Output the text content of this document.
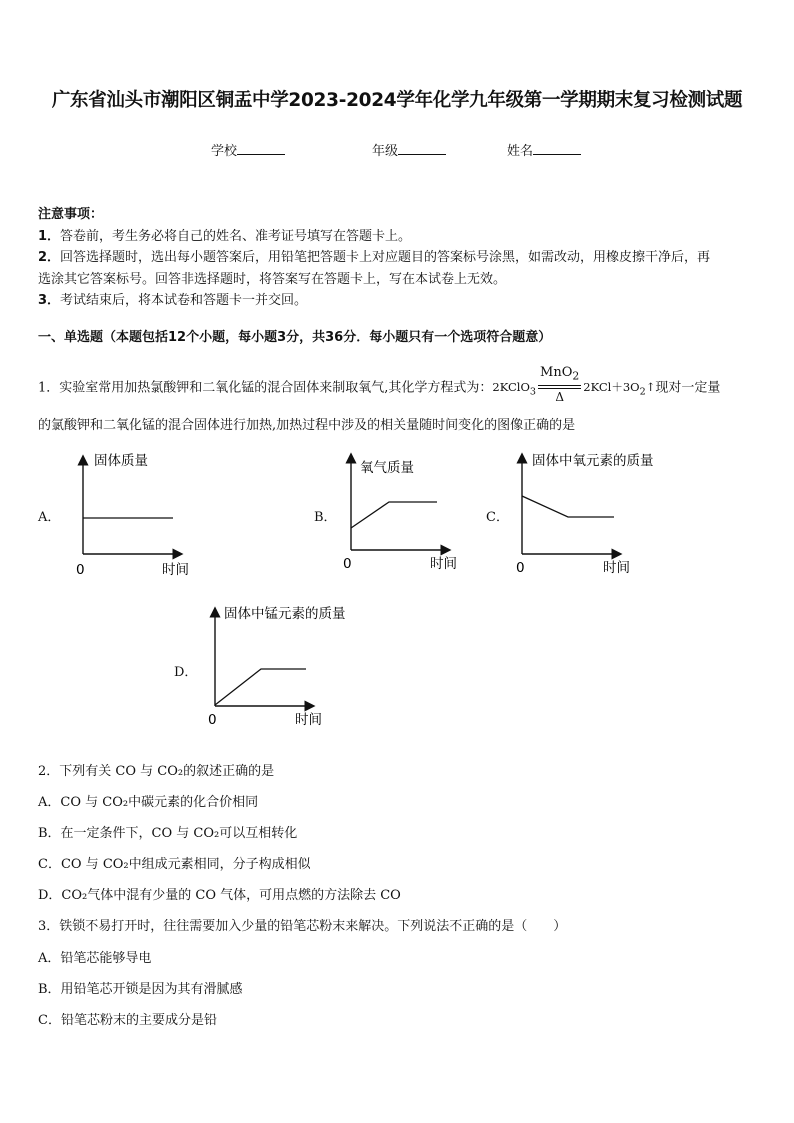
广东省汕头市潮阳区铜盂中学2023-2024学年化学九年级第一学期期末复习检测试题
学校	年级	姓名
注意事项：
1．答卷前，考生务必将自己的姓名、准考证号填写在答题卡上。
2．回答选择题时，选出每小题答案后，用铅笔把答题卡上对应题目的答案标号涂黑，如需改动，用橡皮擦干净后，再
选涂其它答案标号。回答非选择题时，将答案写在答题卡上，写在本试卷上无效。
3．考试结束后，将本试卷和答题卡一并交回。
一、单选题（本题包括12个小题，每小题3分，共36分．每小题只有一个选项符合题意）
1．实验室常用加热氯酸钾和二氧化锰的混合固体来制取氧气,其化学方程式为：2KClO$_3$ $\frac{MnO_2}{\Delta}$ $2KCl+3O_2↑$现对一定量
的氯酸钾和二氧化锰的混合固体进行加热,加热过程中涉及的相关量随时间变化的图像正确的是
A．
固体质量
0	时间
B．
氧气质量
0	时间
C．
固体中氧元素的质量
0	时间
D．
固体中锰元素的质量
0	时间
2．下列有关 CO 与 CO₂的叙述正确的是
A．CO 与 CO₂中碳元素的化合价相同
B．在一定条件下，CO 与 CO₂可以互相转化
C．CO 与 CO₂中组成元素相同，分子构成相似
D．CO₂气体中混有少量的 CO 气体，可用点燃的方法除去 CO
3．铁锁不易打开时，往往需要加入少量的铅笔芯粉末来解决。下列说法不正确的是（　　）
A．铅笔芯能够导电
B．用铅笔芯开锁是因为其有滑腻感
C．铅笔芯粉末的主要成分是铅
